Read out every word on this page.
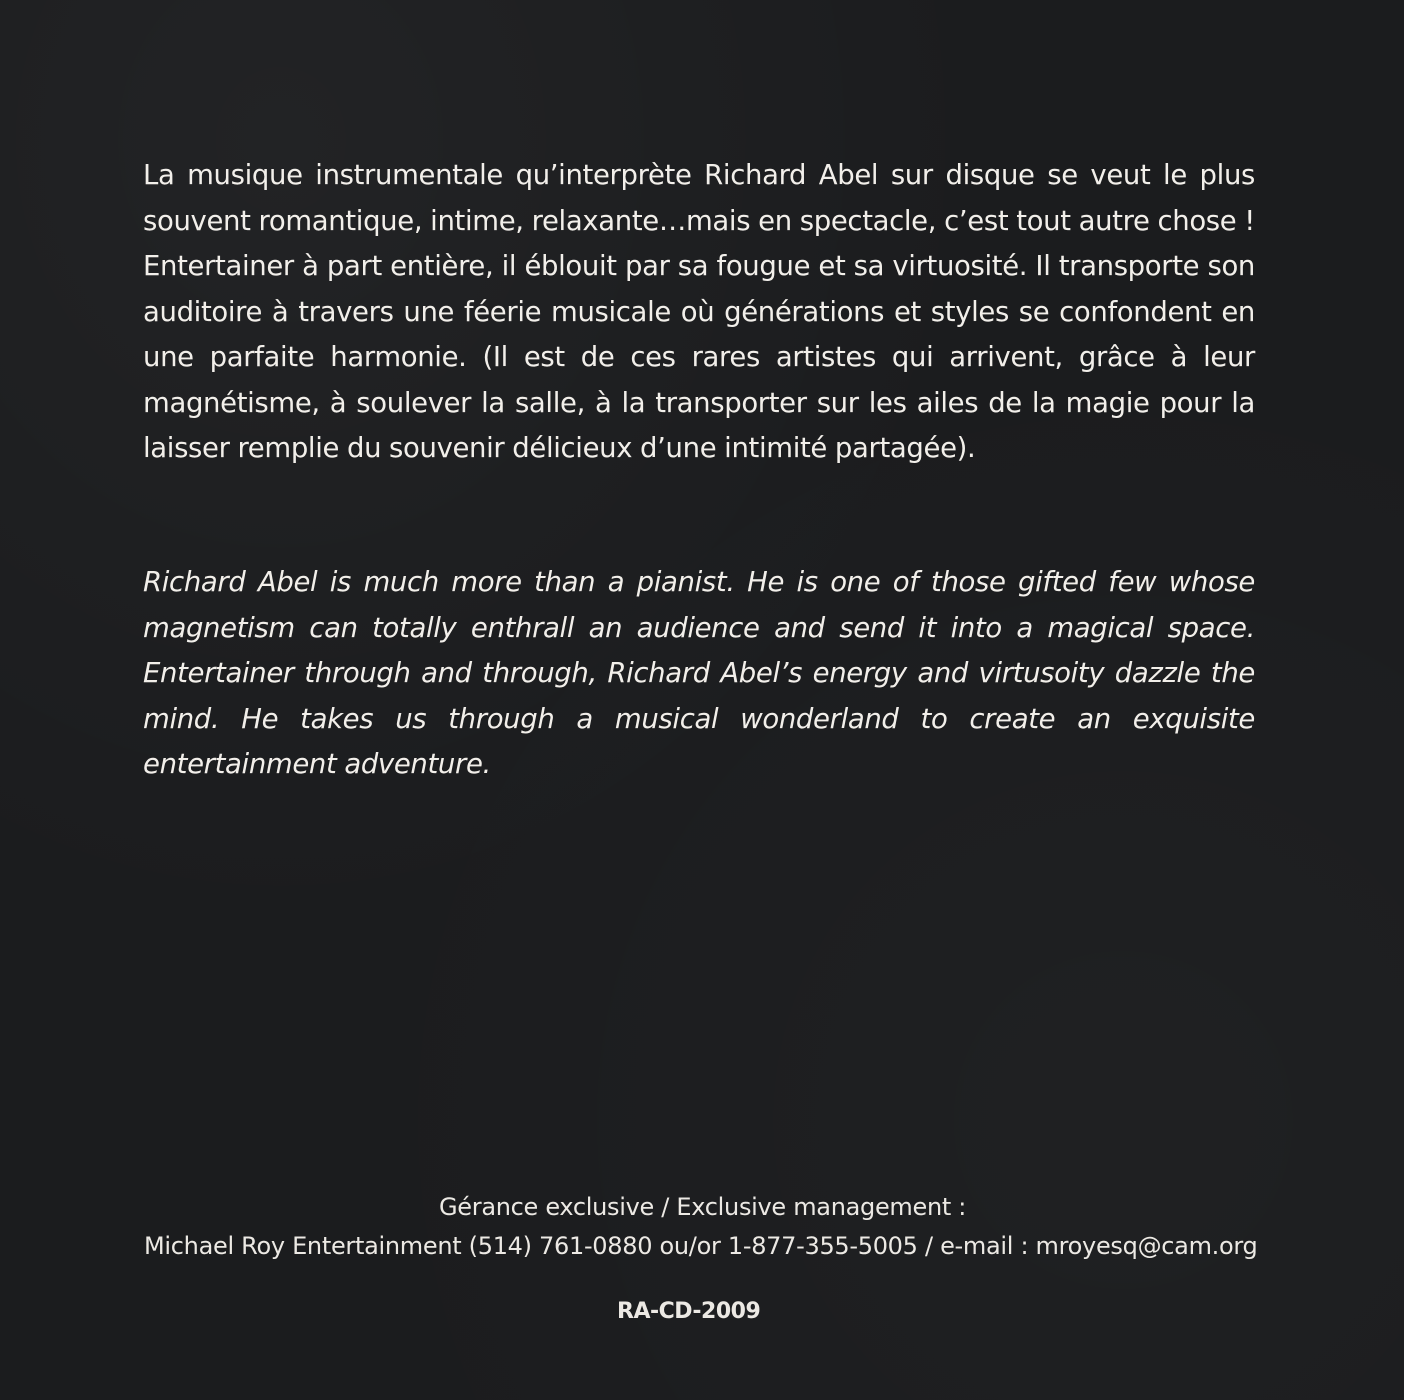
La musique instrumentale qu’interprète Richard Abel sur disque se veut le plus souvent romantique, intime, relaxante…mais en spectacle, c’est tout autre chose ! Entertainer à part entière, il éblouit par sa fougue et sa virtuosité. Il transporte son auditoire à travers une féerie musicale où générations et styles se confondent en une parfaite harmonie. (Il est de ces rares artistes qui arrivent, grâce à leur magnétisme, à soulever la salle, à la transporter sur les ailes de la magie pour la laisser remplie du souvenir délicieux d’une intimité partagée).

Richard Abel is much more than a pianist. He is one of those gifted few whose magnetism can totally enthrall an audience and send it into a magical space. Entertainer through and through, Richard Abel’s energy and virtusoity dazzle the mind. He takes us through a musical wonderland to create an exquisite entertainment adventure.

Gérance exclusive / Exclusive management :
Michael Roy Entertainment (514) 761-0880 ou/or 1-877-355-5005 / e-mail : mroyesq@cam.org
RA-CD-2009
